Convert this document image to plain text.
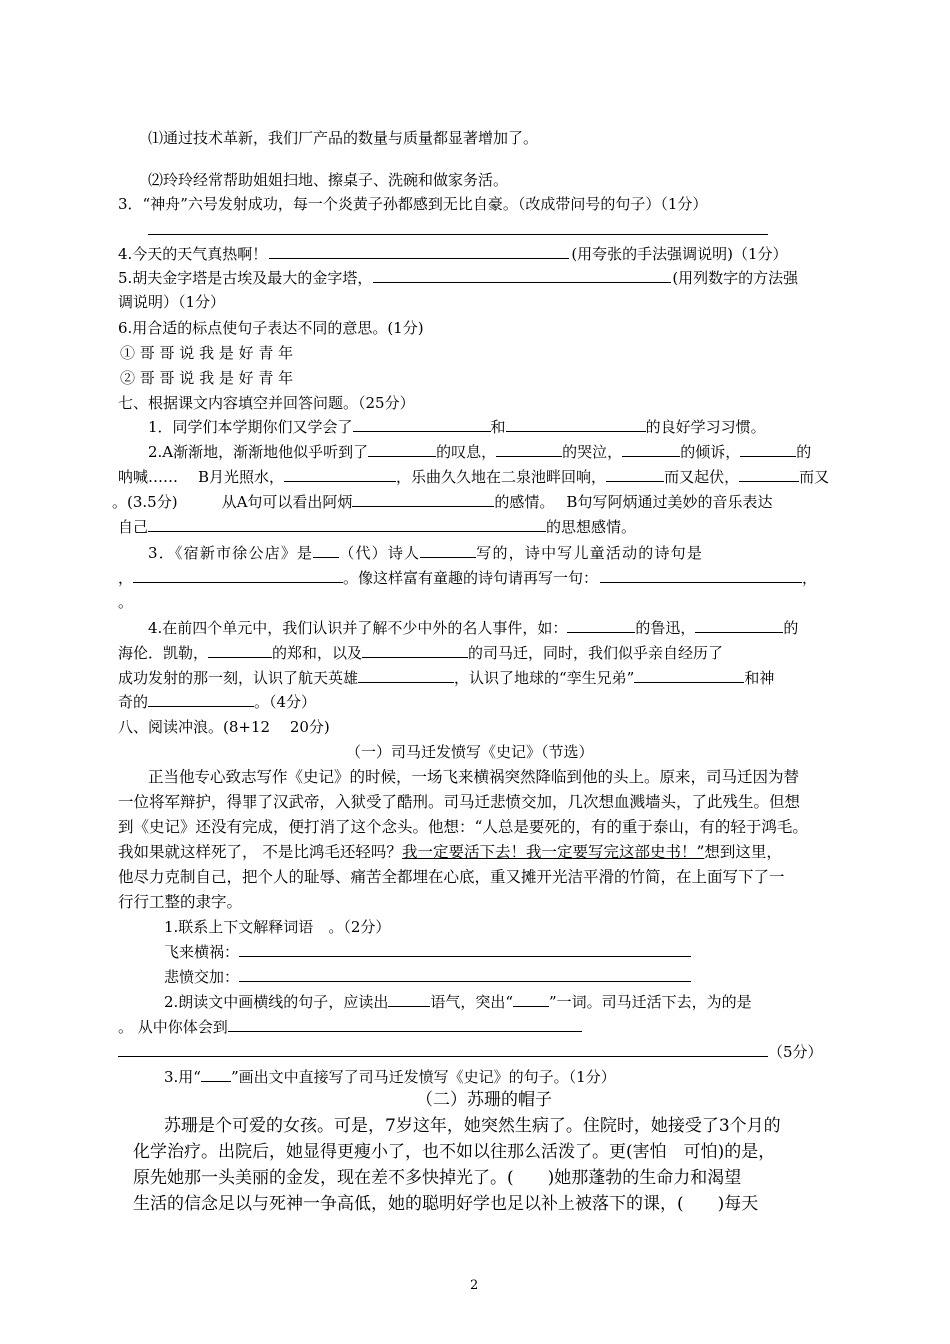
⑴通过技术革新，我们厂产品的数量与质量都显著增加了。
⑵玲玲经常帮助姐姐扫地、擦桌子、洗碗和做家务活。
3．“神舟”六号发射成功，每一个炎黄子孙都感到无比自豪。（改成带问号的句子）（1分）
4.今天的天气真热啊！	(用夸张的手法强调说明)（1分）
5.胡夫金字塔是古埃及最大的金字塔，	(用列数字的方法强
调说明）（1分）
6.用合适的标点使句子表达不同的意思。(1分)
① 哥 哥 说 我 是 好 青 年
② 哥 哥 说 我 是 好 青 年
七、根据课文内容填空并回答问题。（25分）
1．同学们本学期你们又学会了	和	的良好学习习惯。
2.A渐渐地，渐渐地他似乎听到了	的叹息，	的哭泣，	的倾诉，	的
呐喊…… B月光照水，	，乐曲久久地在二泉池畔回响，	而又起伏，	而又
。(3.5分)	从A句可以看出阿炳	的感情。 B句写阿炳通过美妙的音乐表达
自己	的思想感情。
3．《宿新市徐公店》是 （代）诗人	写的，诗中写儿童活动的诗句是
，	。像这样富有童趣的诗句请再写一句：	，
。
4.在前四个单元中，我们认识并了解不少中外的名人事件，如：	的鲁迅，	的
海伦．凯勒，	的郑和，以及	的司马迁，同时，我们似乎亲自经历了
成功发射的那一刻，认识了航天英雄	，认识了地球的“孪生兄弟”	和神
奇的	。（4分）
八、阅读冲浪。(8+12　 20分)
（一）司马迁发愤写《史记》（节选）
正当他专心致志写作《史记》的时候，一场飞来横祸突然降临到他的头上。原来，司马迁因为替
一位将军辩护，得罪了汉武帝，入狱受了酷刑。司马迁悲愤交加，几次想血溅墙头，了此残生。但想
到《史记》还没有完成，便打消了这个念头。他想：“人总是要死的，有的重于泰山，有的轻于鸿毛。
我如果就这样死了， 不是比鸿毛还轻吗？我一定要活下去！我一定要写完这部史书！”想到这里，
他尽力克制自己，把个人的耻辱、痛苦全都埋在心底，重又摊开光洁平滑的竹简，在上面写下了一
行行工整的隶字。
1.联系上下文解释词语　。（2分）
飞来横祸：
悲愤交加：
2.朗读文中画横线的句子，应读出	语气，突出“ ”一词。司马迁活下去，为的是
。 从中你体会到
（5分）
3.用“ ”画出文中直接写了司马迁发愤写《史记》的句子。（1分）
（二）苏珊的帽子
苏珊是个可爱的女孩。可是，7岁这年，她突然生病了。住院时，她接受了3个月的
化学治疗。出院后，她显得更瘦小了，也不如以往那么活泼了。更(害怕　可怕)的是，
原先她那一头美丽的金发，现在差不多快掉光了。(　　)她那蓬勃的生命力和渴望
生活的信念足以与死神一争高低，她的聪明好学也足以补上被落下的课，(　　)每天
2
